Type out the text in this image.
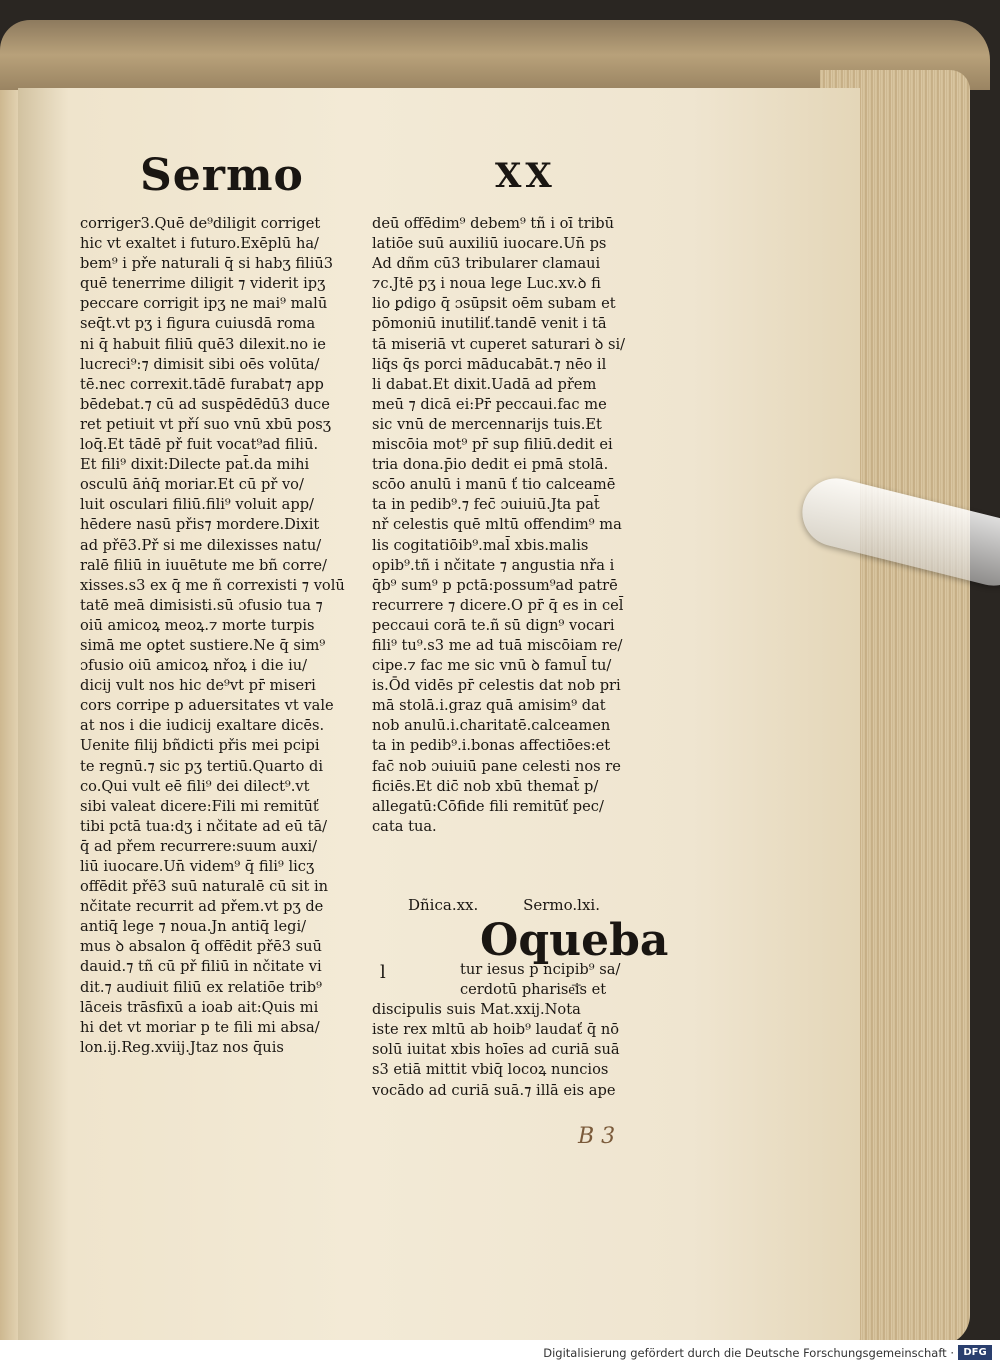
Sermo	XX
corriger3.Quē de⁹diligit corriget
hic vt exaltet i futuro.Exēplū ha/
bem⁹ i pře naturali q̄ si habʒ filiū3
quē tenerrime diligit ⁊ viderit ipʒ
peccare corrigit ipʒ ne mai⁹ malū
seq̄t.vt pʒ i figura cuiusdā roma
ni q̄ habuit filiū quē3 dilexit.no ie
lucreci⁹:⁊ dimisit sibi oēs volūta/
tē.nec correxit.tādē furabat⁊ app
bēdebat.⁊ cū ad suspēdēdū3 duce
ret petiuit vt pří suo vnū xbū posʒ
loq̄.Et tādē př fuit vocat⁹ad filiū.
Et fili⁹ dixit:Dilecte pat̄.da mihi
osculū āṅq̄ moriar.Et cū př vo/
luit osculari filiū.fili⁹ voluit app/
hēdere nasū přis⁊ mordere.Dixit
ad přē3.Př si me dilexisses natu/
ralē filiū in iuuētute me bñ corre/
xisses.s3 ex q̄ me ñ correxisti ⁊ volū
tatē meā dimisisti.sū ɔfusio tua ⁊
oiū amicoꝝ meoꝝ.⁊ morte turpis
simā me oꝑtet sustiere.Ne q̄ sim⁹
ɔfusio oiū amicoꝝ nřoꝝ i die iu/
dicij vult nos hic de⁹vt pr̄ miseri
cors corripe p aduersitates vt vale
at nos i die iudicij exaltare dicēs.
Uenite filij bñdicti přis mei pcipi
te regnū.⁊ sic pʒ tertiū.Quarto di
co.Qui vult eē fili⁹ dei dilect⁹.vt
sibi valeat dicere:Fili mi remitūť
tibi pctā tua:dʒ i nčitate ad eū tā/
q̄ ad přem recurrere:suum auxi/
liū iuocare.Un̄ videm⁹ q̄ fili⁹ licʒ
offēdit přē3 suū naturalē cū sit in
nčitate recurrit ad přem.vt pʒ de
antiq̄ lege ⁊ noua.Jn antiq̄ legi/
mus ꝺ absalon q̄ offēdit přē3 suū
dauid.⁊ tñ cū př filiū in nčitate vi
dit.⁊ audiuit filiū ex relatiōe trib⁹
lāceis trāsfixū a ioab ait:Quis mi
hi det vt moriar p te fili mi absa/
lon.ij.Reg.xviij.Jtaz nos q̄uis
deū offēdim⁹ debem⁹ tñ i oī tribū
latiōe suū auxiliū iuocare.Un̄ ps
Ad dñm cū3 tribularer clamaui
⁊c.Jtē pʒ i noua lege Luc.xv.ꝺ fi
lio ꝑdigo q̄ ɔsūpsit oēm subam et
pōmoniū inutiliť.tandē venit i tā
tā miseriā vt cuperet saturari ꝺ si/
liq̄s q̄s porci māducabāt.⁊ nēo il
li dabat.Et dixit.Uadā ad přem
meū ⁊ dicā ei:Pr̄ peccaui.fac me
sic vnū de mercennarijs tuis.Et
miscōia mot⁹ pr̄ sup filiū.dedit ei
tria dona.p̄io dedit ei pmā stolā.
scōo anulū i manū ť tio calceamē
ta in pedib⁹.⁊ fec̄ ɔuiuiū.Jta pat̄
nř celestis quē mltū offendim⁹ ma
lis cogitatiōib⁹.mal̄ xbis.malis
opib⁹.tñ i nčitate ⁊ angustia nřa i
q̄b⁹ sum⁹ p pctā:possum⁹ad patrē
recurrere ⁊ dicere.O pr̄ q̄ es in cel̄
peccaui corā te.ñ sū dign⁹ vocari
fili⁹ tu⁹.s3 me ad tuā miscōiam re/
cipe.⁊ fac me sic vnū ꝺ famul̄ tu/
is.Ōd vidēs pr̄ celestis dat nob pri
mā stolā.i.graz quā amisim⁹ dat
nob anulū.i.charitatē.calceamen
ta in pedib⁹.i.bonas affectiōes:et
fac̄ nob ɔuiuiū pane celesti nos re
ficiēs.Et dic̄ nob xbū themat̄ p/
allegatū:Cōfide fili remitūť pec/
cata tua.
Dñica.xx.	Sermo.lxi.
Oqueba
l	tur iesus p ncipib⁹ sa/
cerdotū pharise͞is et
discipulis suis Mat.xxij.Nota
iste rex mltū ab hoib⁹ laudať q̄ nō
solū iuitat xbis hoīes ad curiā suā
s3 etiā mittit vbiq̄ locoꝝ nuncios
vocādo ad curiā suā.⁊ illā eis ape
B 3
Digitalisierung gefördert durch die Deutsche Forschungsgemeinschaft · DFG
